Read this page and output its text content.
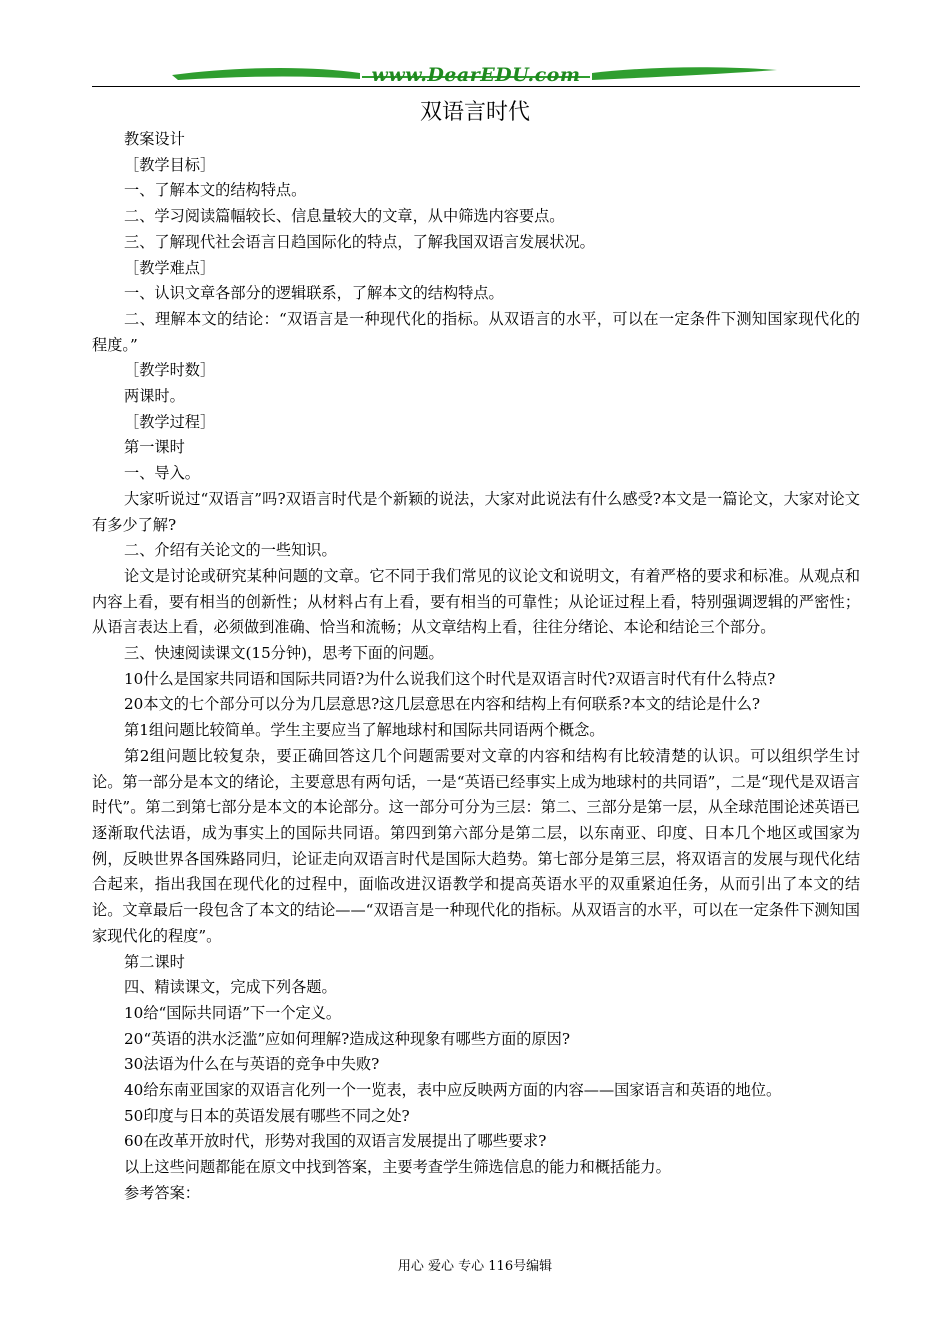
www.DearEDU.com
双语言时代

教案设计

［教学目标］

一、了解本文的结构特点。

二、学习阅读篇幅较长、信息量较大的文章，从中筛选内容要点。

三、了解现代社会语言日趋国际化的特点，了解我国双语言发展状况。

［教学难点］

一、认识文章各部分的逻辑联系，了解本文的结构特点。

二、理解本文的结论：“双语言是一种现代化的指标。从双语言的水平，可以在一定条件下测知国家现代化的程度。”

［教学时数］

两课时。

［教学过程］

第一课时

一、导入。

大家听说过“双语言”吗?双语言时代是个新颖的说法，大家对此说法有什么感受?本文是一篇论文，大家对论文有多少了解?

二、介绍有关论文的一些知识。

论文是讨论或研究某种问题的文章。它不同于我们常见的议论文和说明文，有着严格的要求和标准。从观点和内容上看，要有相当的创新性；从材料占有上看，要有相当的可靠性；从论证过程上看，特别强调逻辑的严密性；从语言表达上看，必须做到准确、恰当和流畅；从文章结构上看，往往分绪论、本论和结论三个部分。

三、快速阅读课文(15分钟)，思考下面的问题。

10什么是国家共同语和国际共同语?为什么说我们这个时代是双语言时代?双语言时代有什么特点?

20本文的七个部分可以分为几层意思?这几层意思在内容和结构上有何联系?本文的结论是什么?

第1组问题比较简单。学生主要应当了解地球村和国际共同语两个概念。

第2组问题比较复杂，要正确回答这几个问题需要对文章的内容和结构有比较清楚的认识。可以组织学生讨论。第一部分是本文的绪论，主要意思有两句话，一是“英语已经事实上成为地球村的共同语”，二是“现代是双语言时代”。第二到第七部分是本文的本论部分。这一部分可分为三层：第二、三部分是第一层，从全球范围论述英语已逐渐取代法语，成为事实上的国际共同语。第四到第六部分是第二层，以东南亚、印度、日本几个地区或国家为例，反映世界各国殊路同归，论证走向双语言时代是国际大趋势。第七部分是第三层，将双语言的发展与现代化结合起来，指出我国在现代化的过程中，面临改进汉语教学和提高英语水平的双重紧迫任务，从而引出了本文的结论。文章最后一段包含了本文的结论——“双语言是一种现代化的指标。从双语言的水平，可以在一定条件下测知国家现代化的程度”。

第二课时

四、精读课文，完成下列各题。

10给“国际共同语”下一个定义。

20“英语的洪水泛滥”应如何理解?造成这种现象有哪些方面的原因?

30法语为什么在与英语的竞争中失败?

40给东南亚国家的双语言化列一个一览表，表中应反映两方面的内容——国家语言和英语的地位。

50印度与日本的英语发展有哪些不同之处?

60在改革开放时代，形势对我国的双语言发展提出了哪些要求?

以上这些问题都能在原文中找到答案，主要考查学生筛选信息的能力和概括能力。

参考答案：

用心 爱心 专心 116号编辑
